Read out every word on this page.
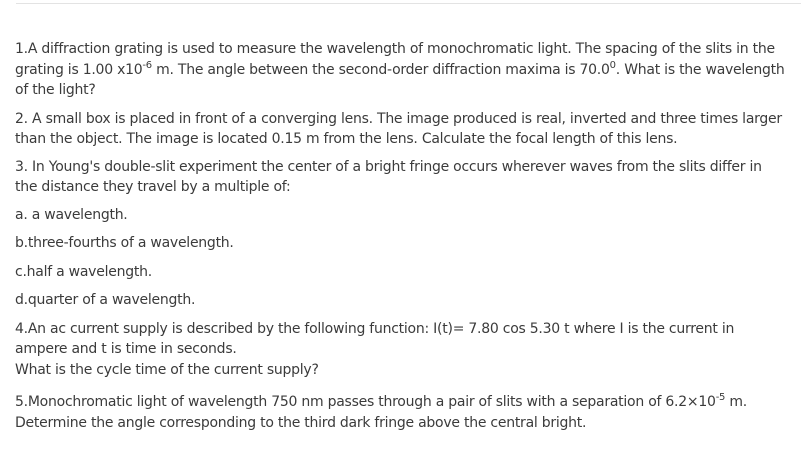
1.A diffraction grating is used to measure the wavelength of monochromatic light. The spacing of the slits in the grating is 1.00 $x10^{-6}$ m. The angle between the second-order diffraction maxima is 70.0$^0$. What is the wavelength of the light?

2. A small box is placed in front of a converging lens. The image produced is real, inverted and three times larger than the object. The image is located 0.15 m from the lens. Calculate the focal length of this lens.

3. In Young's double-slit experiment the center of a bright fringe occurs wherever waves from the slits differ in the distance they travel by a multiple of:

a. a wavelength.

b.three-fourths of a wavelength.

c.half a wavelength.

d.quarter of a wavelength.

4.An ac current supply is described by the following function: I(t)= 7.80 cos 5.30 t where I is the current in ampere and t is time in seconds.
What is the cycle time of the current supply?

5.Monochromatic light of wavelength 750 nm passes through a pair of slits with a separation of $6.2\times 10^{-5}$ m. Determine the angle corresponding to the third dark fringe above the central bright.
